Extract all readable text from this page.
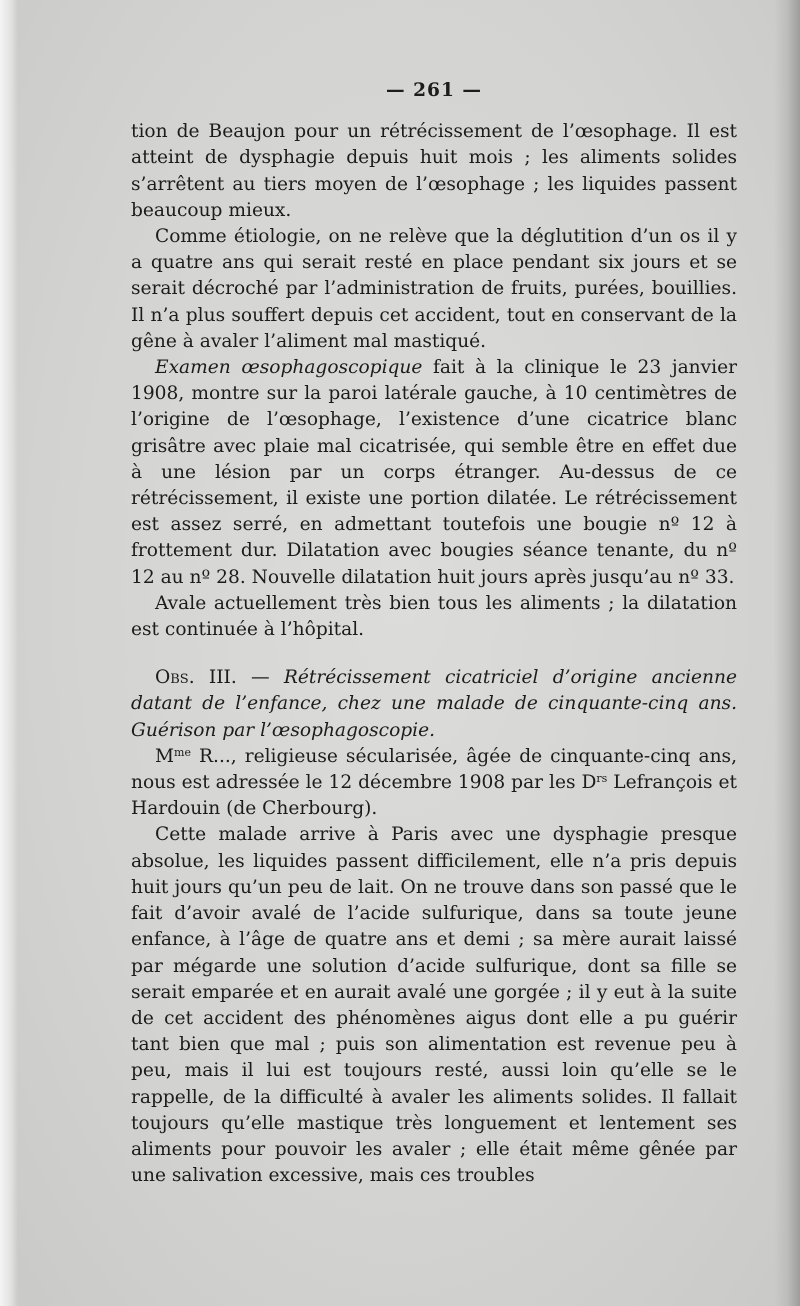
— 261 —

tion de Beaujon pour un rétrécissement de l’œsophage. Il est atteint de dysphagie depuis huit mois ; les aliments solides s’arrêtent au tiers moyen de l’œsophage ; les liquides passent beaucoup mieux.

Comme étiologie, on ne relève que la déglutition d’un os il y a quatre ans qui serait resté en place pendant six jours et se serait décroché par l’administration de fruits, purées, bouillies. Il n’a plus souffert depuis cet accident, tout en conservant de la gêne à avaler l’aliment mal mastiqué.

Examen œsophagoscopique fait à la clinique le 23 janvier 1908, montre sur la paroi latérale gauche, à 10 centimètres de l’origine de l’œsophage, l’existence d’une cicatrice blanc grisâtre avec plaie mal cicatrisée, qui semble être en effet due à une lésion par un corps étranger. Au-dessus de ce rétrécissement, il existe une portion dilatée. Le rétrécissement est assez serré, en admettant toutefois une bougie nº 12 à frottement dur. Dilatation avec bougies séance tenante, du nº 12 au nº 28. Nouvelle dilatation huit jours après jusqu’au nº 33.

Avale actuellement très bien tous les aliments ; la dilatation est continuée à l’hôpital.

Obs. III. — Rétrécissement cicatriciel d’origine ancienne datant de l’enfance, chez une malade de cinquante-cinq ans. Guérison par l’œsophagoscopie.

$M^{me}$ R..., religieuse sécularisée, âgée de cinquante-cinq ans, nous est adressée le 12 décembre 1908 par les $D^{rs}$ Lefrançois et Hardouin (de Cherbourg).

Cette malade arrive à Paris avec une dysphagie presque absolue, les liquides passent difficilement, elle n’a pris depuis huit jours qu’un peu de lait. On ne trouve dans son passé que le fait d’avoir avalé de l’acide sulfurique, dans sa toute jeune enfance, à l’âge de quatre ans et demi ; sa mère aurait laissé par mégarde une solution d’acide sulfurique, dont sa fille se serait emparée et en aurait avalé une gorgée ; il y eut à la suite de cet accident des phénomènes aigus dont elle a pu guérir tant bien que mal ; puis son alimentation est revenue peu à peu, mais il lui est toujours resté, aussi loin qu’elle se le rappelle, de la difficulté à avaler les aliments solides. Il fallait toujours qu’elle mastique très longuement et lentement ses aliments pour pouvoir les avaler ; elle était même gênée par une salivation excessive, mais ces troubles
